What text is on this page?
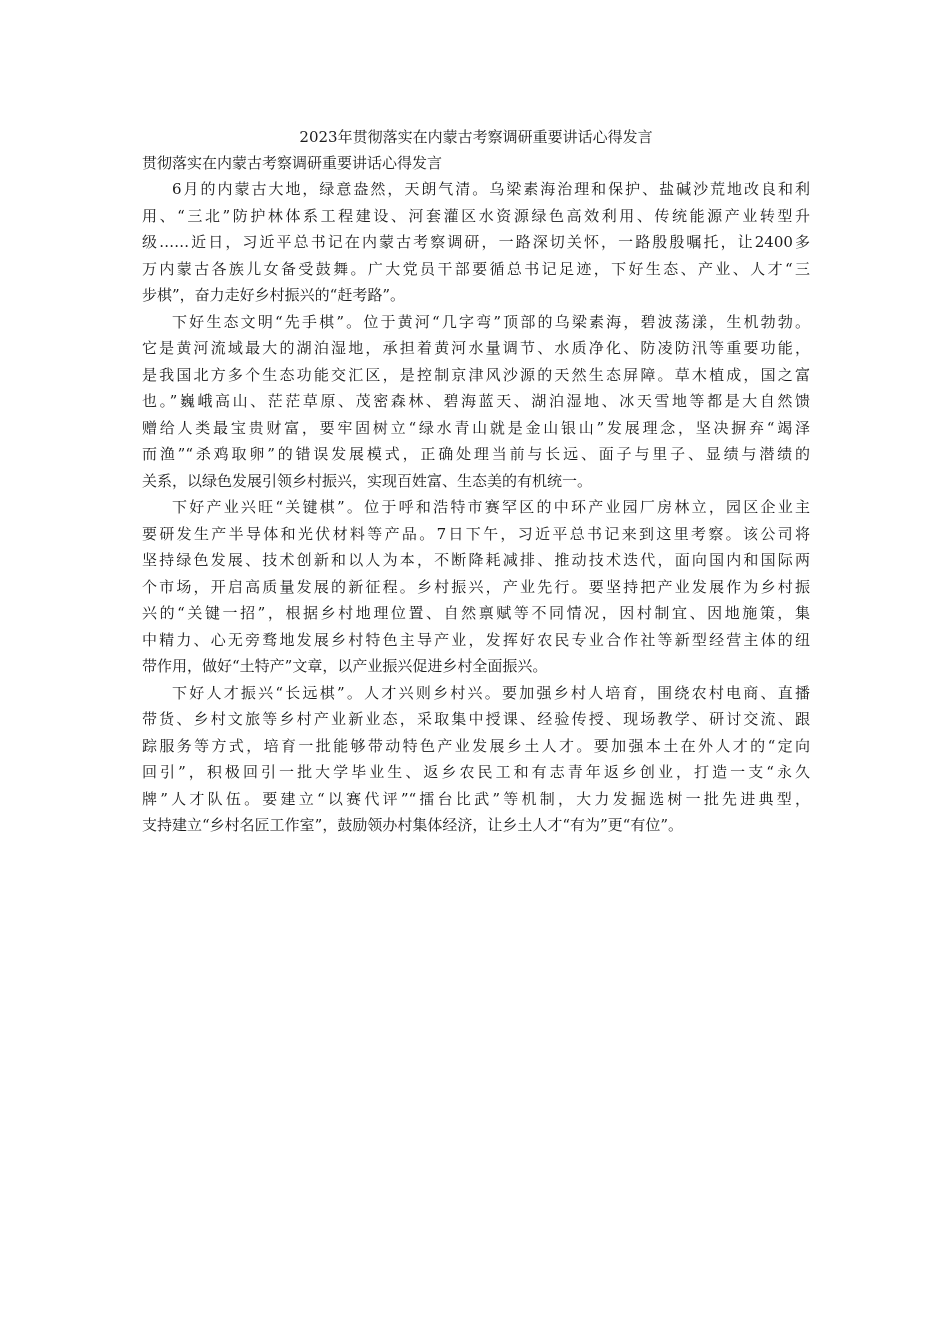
2023年贯彻落实在内蒙古考察调研重要讲话心得发言

贯彻落实在内蒙古考察调研重要讲话心得发言

6月的内蒙古大地，绿意盎然，天朗气清。乌梁素海治理和保护、盐碱沙荒地改良和利
用、“三北”防护林体系工程建设、河套灌区水资源绿色高效利用、传统能源产业转型升
级……近日，习近平总书记在内蒙古考察调研，一路深切关怀，一路殷殷嘱托，让2400多
万内蒙古各族儿女备受鼓舞。广大党员干部要循总书记足迹，下好生态、产业、人才“三
步棋”，奋力走好乡村振兴的“赶考路”。

下好生态文明“先手棋”。位于黄河“几字弯”顶部的乌梁素海，碧波荡漾，生机勃勃。
它是黄河流域最大的湖泊湿地，承担着黄河水量调节、水质净化、防凌防汛等重要功能，
是我国北方多个生态功能交汇区，是控制京津风沙源的天然生态屏障。草木植成，国之富
也。”巍峨高山、茫茫草原、茂密森林、碧海蓝天、湖泊湿地、冰天雪地等都是大自然馈
赠给人类最宝贵财富，要牢固树立“绿水青山就是金山银山”发展理念，坚决摒弃“竭泽
而渔”“杀鸡取卵”的错误发展模式，正确处理当前与长远、面子与里子、显绩与潜绩的
关系，以绿色发展引领乡村振兴，实现百姓富、生态美的有机统一。

下好产业兴旺“关键棋”。位于呼和浩特市赛罕区的中环产业园厂房林立，园区企业主
要研发生产半导体和光伏材料等产品。7日下午，习近平总书记来到这里考察。该公司将
坚持绿色发展、技术创新和以人为本，不断降耗减排、推动技术迭代，面向国内和国际两
个市场，开启高质量发展的新征程。乡村振兴，产业先行。要坚持把产业发展作为乡村振
兴的“关键一招”，根据乡村地理位置、自然禀赋等不同情况，因村制宜、因地施策，集
中精力、心无旁骛地发展乡村特色主导产业，发挥好农民专业合作社等新型经营主体的纽
带作用，做好“土特产”文章，以产业振兴促进乡村全面振兴。

下好人才振兴“长远棋”。人才兴则乡村兴。要加强乡村人培育，围绕农村电商、直播
带货、乡村文旅等乡村产业新业态，采取集中授课、经验传授、现场教学、研讨交流、跟
踪服务等方式，培育一批能够带动特色产业发展乡土人才。要加强本土在外人才的“定向
回引”，积极回引一批大学毕业生、返乡农民工和有志青年返乡创业，打造一支“永久
牌”人才队伍。要建立“以赛代评”“擂台比武”等机制，大力发掘选树一批先进典型，
支持建立“乡村名匠工作室”，鼓励领办村集体经济，让乡土人才“有为”更“有位”。
